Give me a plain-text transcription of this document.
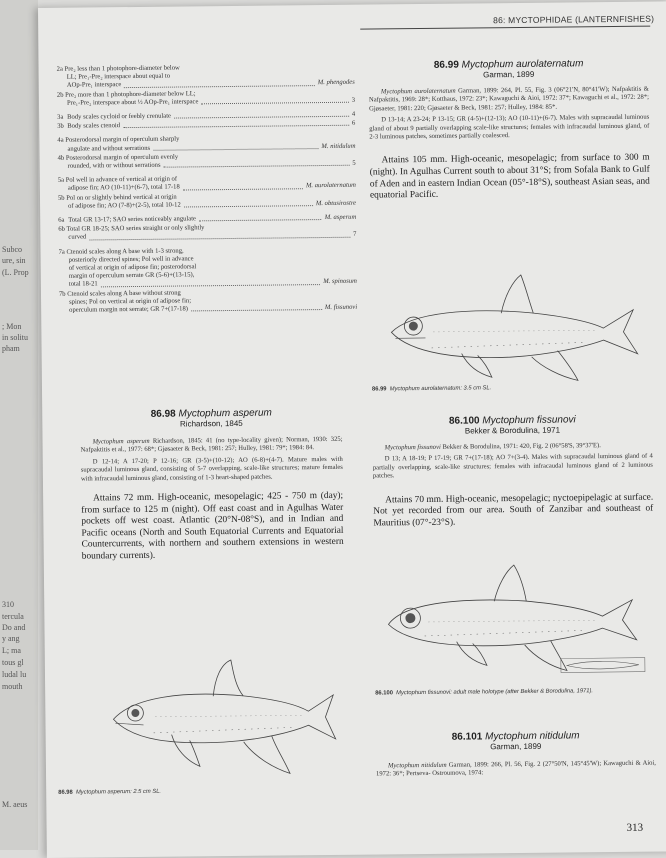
Subco
ure, sin
(L. Prop
; Mon
in solitu
pham
310
tercula
Do and
y ang
L; ma
tous gl
ludal lu
mouth
M. aeus
86: MYCTOPHIDAE (LANTERNFISHES)
2a Pre₂ less than 1 photophore-diameter below
LL; Pre₁-Pre₂ interspace about equal to
AOp-Pre₁ interspace	M. phengodes
2b Pre₂ more than 1 photophore-diameter below LL;
Pre₁-Pre₂ interspace about ½ AOp-Pre₁ interspace	3
3a Body scales cycloid or feebly crenulate	4
3b Body scales ctenoid	6
4a Posterodorsal margin of operculum sharply
angulate and without serrations	M. nitidulum
4b Posterodorsal margin of operculum evenly
rounded, with or without serrations	5
5a Pol well in advance of vertical at origin of
adipose fin; AO (10-11)+(6-7), total 17-18	M. aurolaternatum
5b Pol on or slightly behind vertical at origin
of adipose fin; AO (7-8)+(2-5), total 10-12	M. obtusirostre
6a Total GR 13-17; SAO series noticeably angulate	M. asperum
6b Total GR 18-25; SAO series straight or only slightly
curved	7
7a Ctenoid scales along A base with 1-3 strong,
posteriorly directed spines; Pol well in advance
of vertical at origin of adipose fin; posterodorsal
margin of operculum serrate GR (5-6)+(13-15),
total 18-21	M. spinosum
7b Ctenoid scales along A base without strong
spines; Pol on vertical at origin of adipose fin;
operculum margin not serrate; GR 7+(17-18)	M. fissunovi
86.98 Myctophum asperum
Richardson, 1845
Myctophum asperum Richardson, 1845: 41 (no type-locality given); Norman, 1930: 325; Nafpaktitis et al., 1977: 68*; Gjøsaeter & Beck, 1981: 257; Hulley, 1981: 79*; 1984: 84.
D 12-14; A 17-20; P 12-16; GR (3-5)+(10-12); AO (6-8)+(4-7). Mature males with supracaudal luminous gland, consisting of 5-7 overlapping, scale-like structures; mature females with infracaudal luminous gland, consisting of 1-3 heart-shaped patches.
Attains 72 mm. High-oceanic, mesopelagic; 425 - 750 m (day); from surface to 125 m (night). Off east coast and in Agulhas Water pockets off west coast. Atlantic (20°N-08°S), and in Indian and Pacific oceans (North and South Equatorial Currents and Equatorial Countercurrents, with northern and southern extensions in western boundary currents).
86.98 Myctophum asperum: 2.5 cm SL.
86.99 Myctophum aurolaternatum
Garman, 1899
Myctophum aurolaternatum Garman, 1899: 264, Pl. 55, Fig. 3 (06°21'N, 80°41'W); Nafpaktitis & Nafpaktitis, 1969: 28*; Kotthaus, 1972: 23*; Kawaguchi & Aioi, 1972: 37*; Kawaguchi et al., 1972: 28*; Gjøsaeter, 1981: 220; Gjøsaeter & Beck, 1981: 257; Hulley, 1984: 85*.
D 13-14; A 23-24; P 13-15; GR (4-5)+(12-13); AO (10-11)+(6-7). Males with supracaudal luminous gland of about 9 partially overlapping scale-like structures; females with infracaudal luminous gland, of 2-3 luminous patches, sometimes partially coalesced.
Attains 105 mm. High-oceanic, mesopelagic; from surface to 300 m (night). In Agulhas Current south to about 31°S; from Sofala Bank to Gulf of Aden and in eastern Indian Ocean (05°-18°S), southeast Asian seas, and equatorial Pacific.
86.99 Myctophum aurolaternatum: 3.5 cm SL.
86.100 Myctophum fissunovi
Bekker & Borodulina, 1971
Myctophum fissunovi Bekker & Borodulina, 1971: 420, Fig. 2 (06°58'S, 39°37'E).
D 13; A 18-19; P 17-19; GR 7+(17-18); AO 7+(3-4). Males with supracaudal luminous gland of 4 partially overlapping, scale-like structures; females with infracaudal luminous gland of 2 luminous patches.
Attains 70 mm. High-oceanic, mesopelagic; nyctoepipelagic at surface. Not yet recorded from our area. South of Zanzibar and southeast of Mauritius (07°-23°S).
86.100 Myctophum fissunovi: adult male holotype (after Bekker & Borodulina, 1971).
86.101 Myctophum nitidulum
Garman, 1899
Myctophum nitidulum Garman, 1899: 266, Pl. 56, Fig. 2 (27°50'N, 145°45'W); Kawaguchi & Aioi, 1972: 36*; Pertseva- Ostroumova, 1974:
313
